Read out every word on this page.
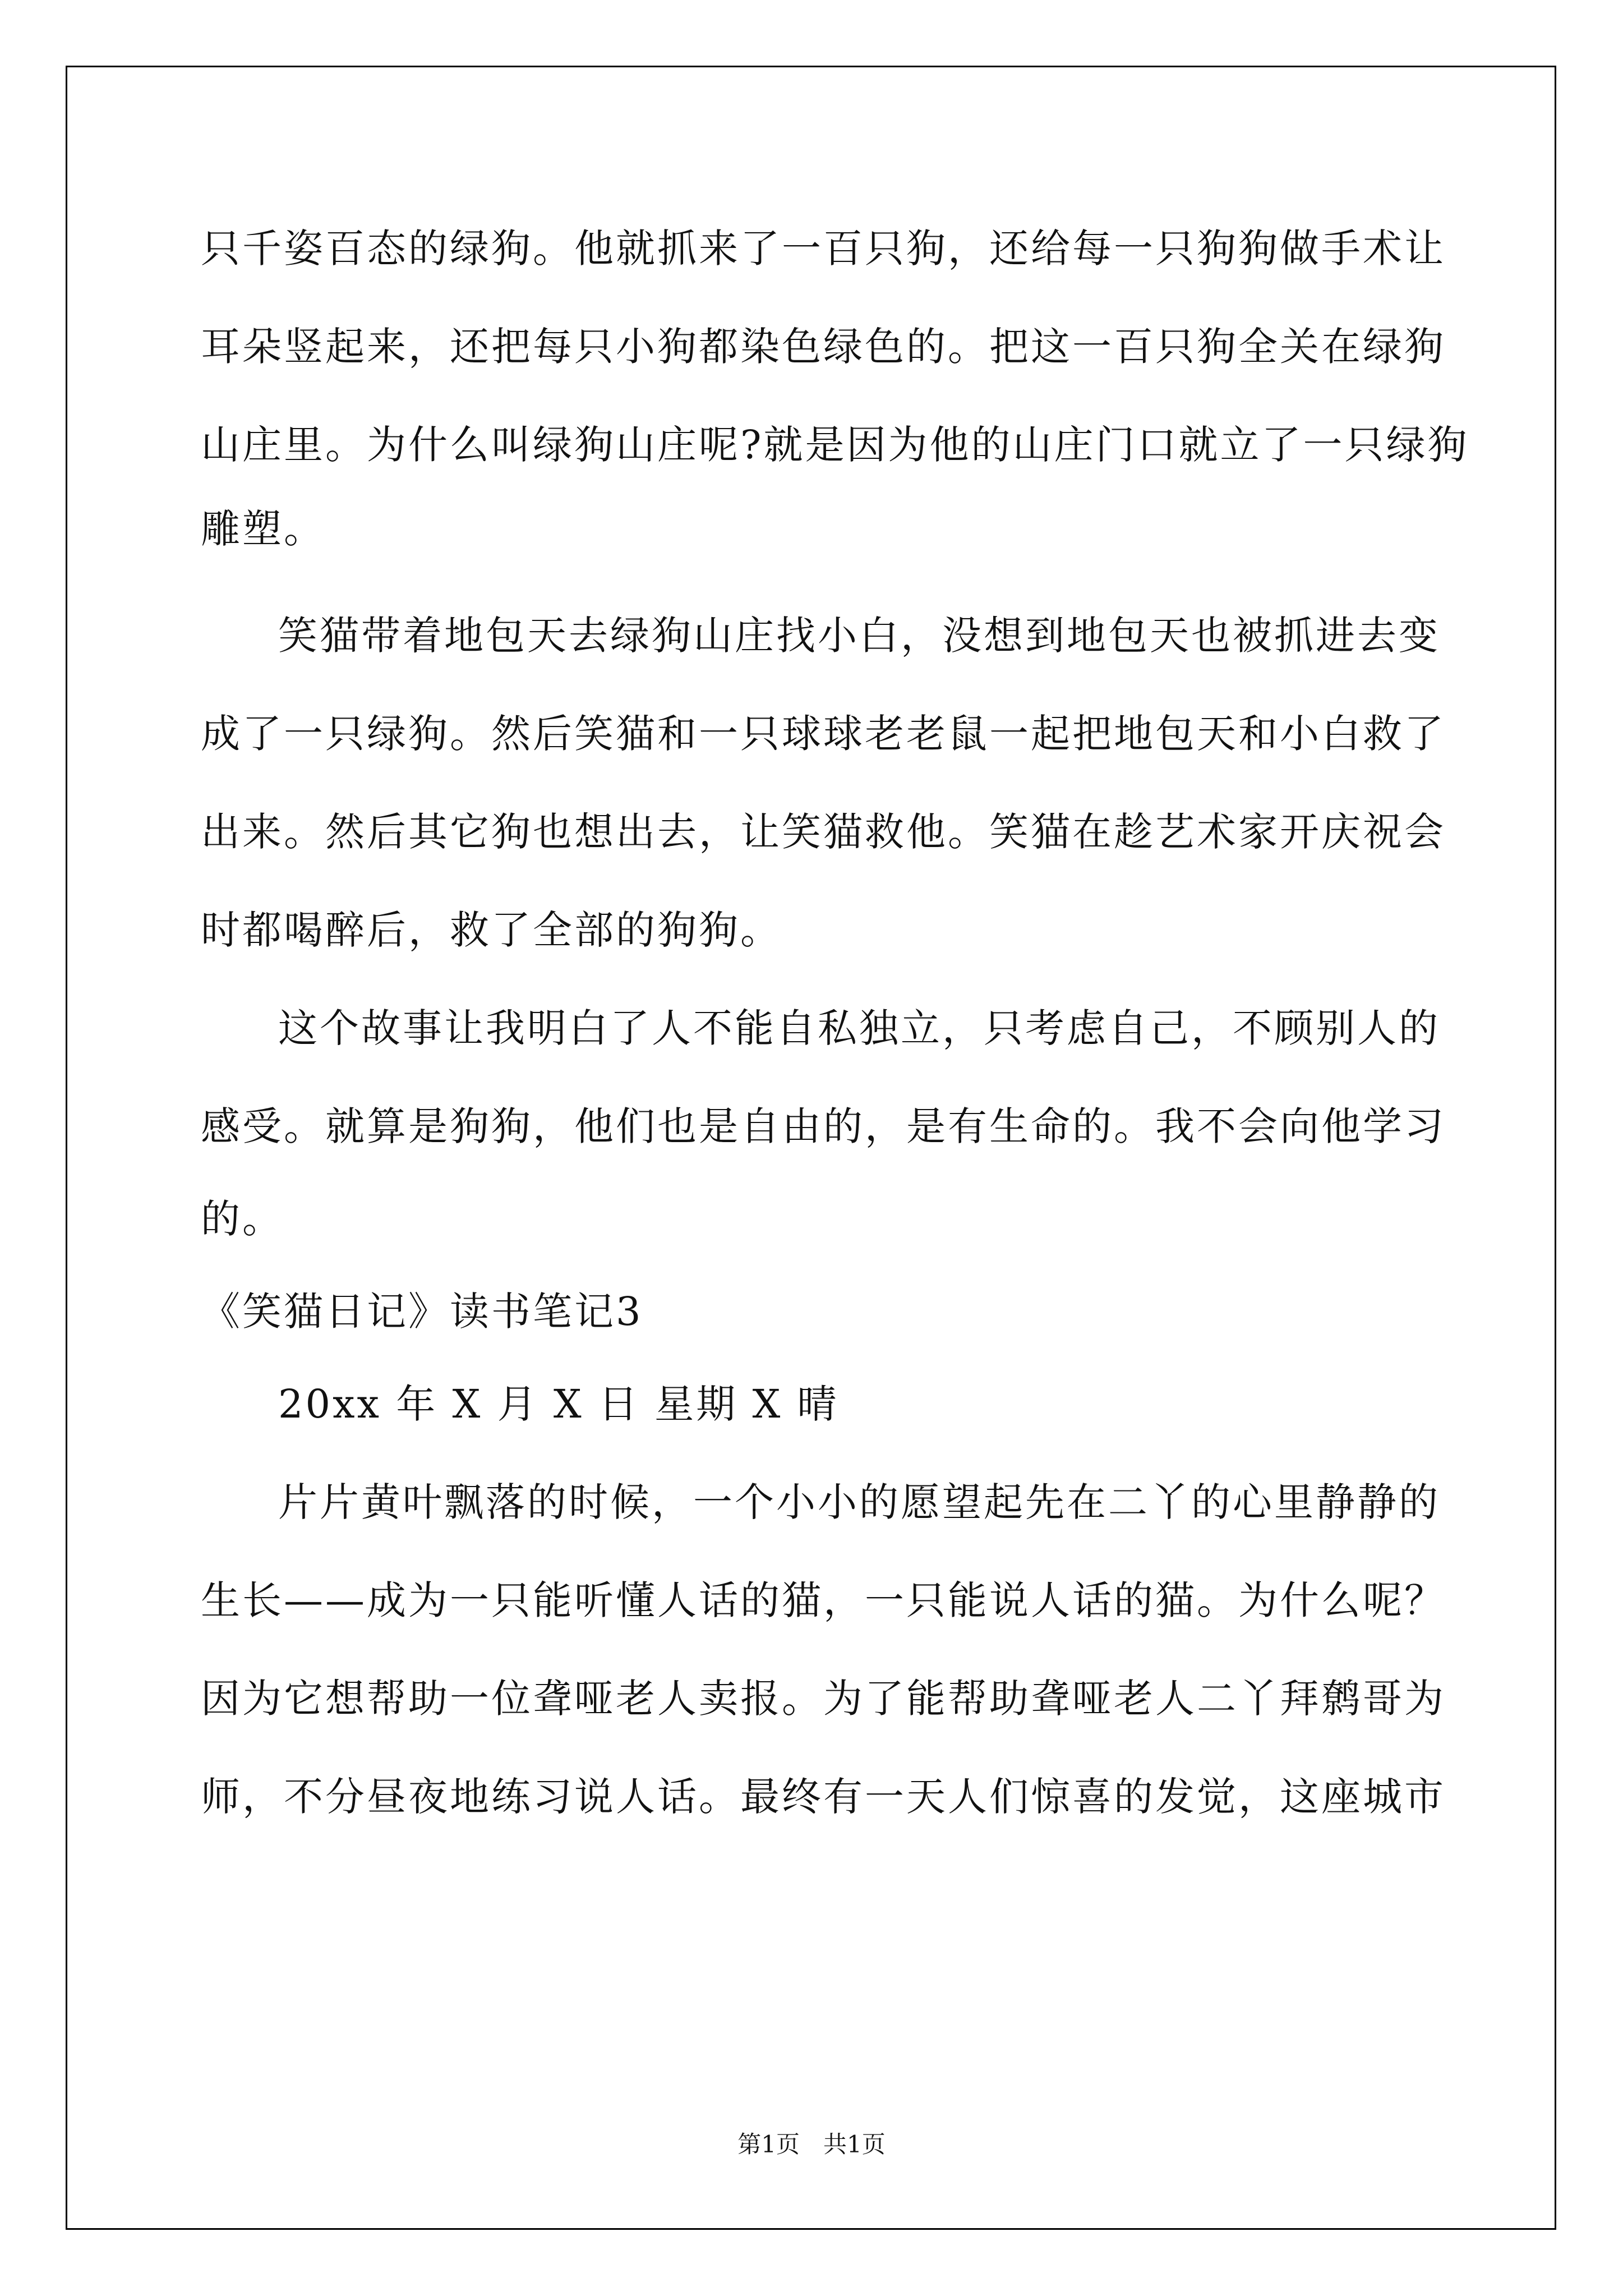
只千姿百态的绿狗。他就抓来了一百只狗，还给每一只狗狗做手术让
耳朵竖起来，还把每只小狗都染色绿色的。把这一百只狗全关在绿狗
山庄里。为什么叫绿狗山庄呢?就是因为他的山庄门口就立了一只绿狗
雕塑。
笑猫带着地包天去绿狗山庄找小白，没想到地包天也被抓进去变
成了一只绿狗。然后笑猫和一只球球老老鼠一起把地包天和小白救了
出来。然后其它狗也想出去，让笑猫救他。笑猫在趁艺术家开庆祝会
时都喝醉后，救了全部的狗狗。
这个故事让我明白了人不能自私独立，只考虑自己，不顾别人的
感受。就算是狗狗，他们也是自由的，是有生命的。我不会向他学习
的。
《笑猫日记》读书笔记3
20xx 年 X 月 X 日 星期 X 晴
片片黄叶飘落的时候，一个小小的愿望起先在二丫的心里静静的
生长——成为一只能听懂人话的猫，一只能说人话的猫。为什么呢？
因为它想帮助一位聋哑老人卖报。为了能帮助聋哑老人二丫拜鹩哥为
师，不分昼夜地练习说人话。最终有一天人们惊喜的发觉，这座城市
第1页　共1页
